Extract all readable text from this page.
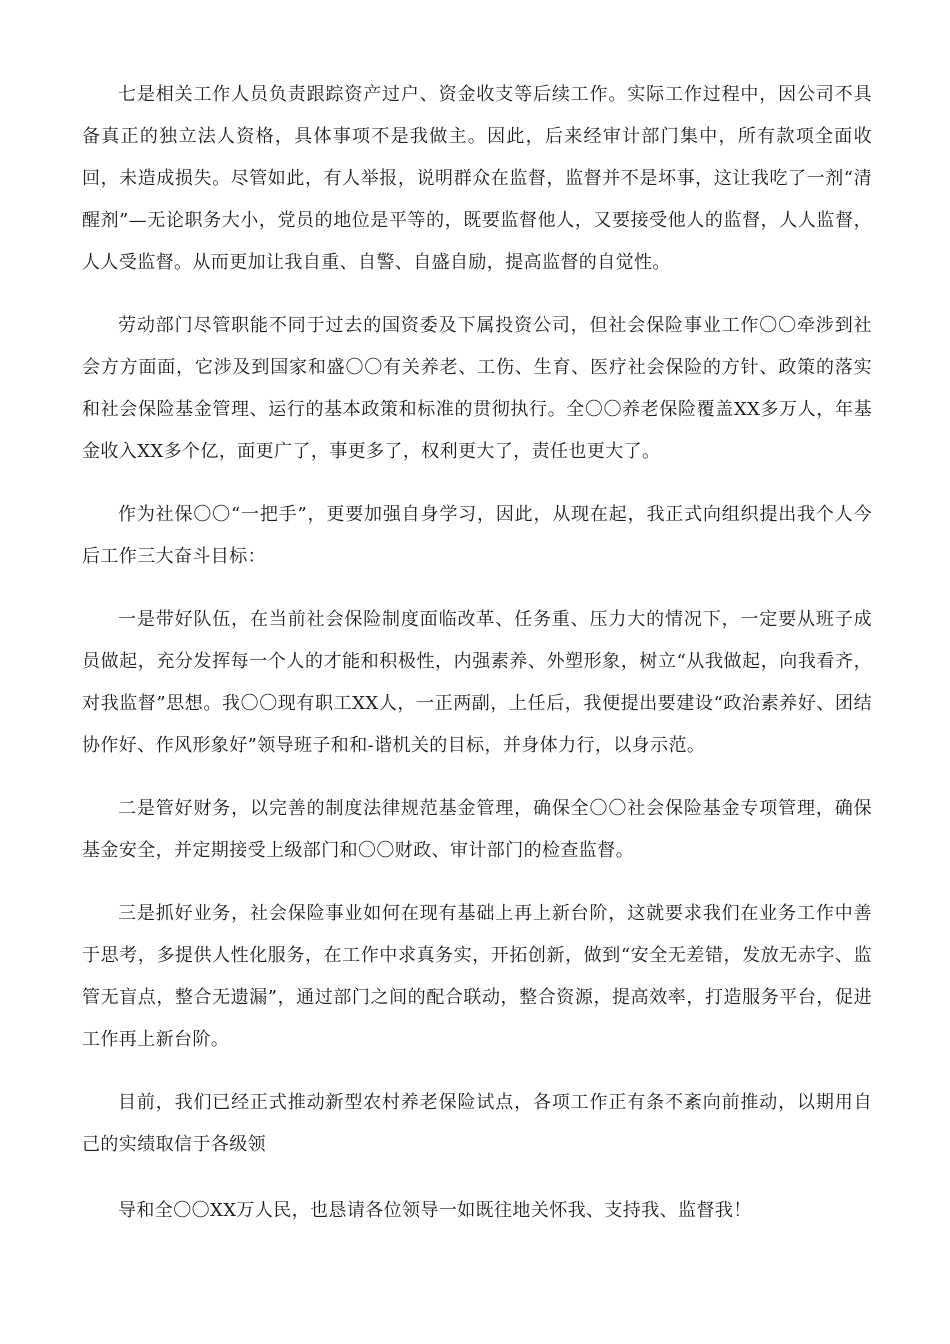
七是相关工作人员负责跟踪资产过户、资金收支等后续工作。实际工作过程中，因公司不具备真正的独立法人资格，具体事项不是我做主。因此，后来经审计部门集中，所有款项全面收回，未造成损失。尽管如此，有人举报，说明群众在监督，监督并不是坏事，这让我吃了一剂“清醒剂”—无论职务大小，党员的地位是平等的，既要监督他人，又要接受他人的监督，人人监督，人人受监督。从而更加让我自重、自警、自盛自励，提高监督的自觉性。

劳动部门尽管职能不同于过去的国资委及下属投资公司，但社会保险事业工作〇〇牵涉到社会方方面面，它涉及到国家和盛〇〇有关养老、工伤、生育、医疗社会保险的方针、政策的落实和社会保险基金管理、运行的基本政策和标准的贯彻执行。全〇〇养老保险覆盖XX多万人，年基金收入XX多个亿，面更广了，事更多了，权利更大了，责任也更大了。

作为社保〇〇“一把手”，更要加强自身学习，因此，从现在起，我正式向组织提出我个人今后工作三大奋斗目标：

一是带好队伍，在当前社会保险制度面临改革、任务重、压力大的情况下，一定要从班子成员做起，充分发挥每一个人的才能和积极性，内强素养、外塑形象，树立“从我做起，向我看齐，对我监督”思想。我〇〇现有职工XX人，一正两副，上任后，我便提出要建设“政治素养好、团结协作好、作风形象好”领导班子和和-谐机关的目标，并身体力行，以身示范。

二是管好财务，以完善的制度法律规范基金管理，确保全〇〇社会保险基金专项管理，确保基金安全，并定期接受上级部门和〇〇财政、审计部门的检查监督。

三是抓好业务，社会保险事业如何在现有基础上再上新台阶，这就要求我们在业务工作中善于思考，多提供人性化服务，在工作中求真务实，开拓创新，做到“安全无差错，发放无赤字、监管无盲点，整合无遗漏”，通过部门之间的配合联动，整合资源，提高效率，打造服务平台，促进工作再上新台阶。

目前，我们已经正式推动新型农村养老保险试点，各项工作正有条不紊向前推动，以期用自己的实绩取信于各级领

导和全〇〇XX万人民，也恳请各位领导一如既往地关怀我、支持我、监督我！
